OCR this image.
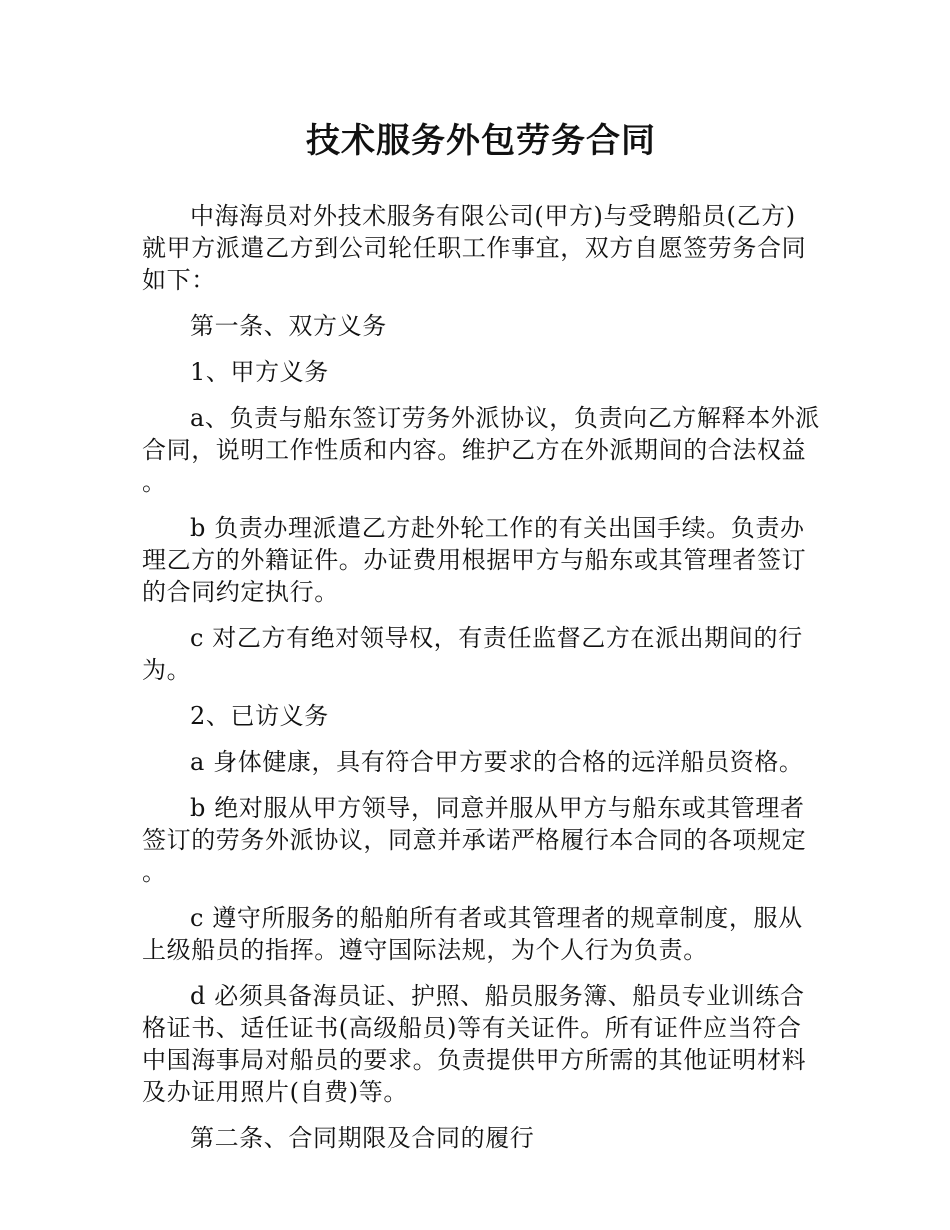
技术服务外包劳务合同

中海海员对外技术服务有限公司(甲方)与受聘船员(乙方)就甲方派遣乙方到公司轮任职工作事宜，双方自愿签劳务合同如下：

第一条、双方义务

1、甲方义务

a、负责与船东签订劳务外派协议，负责向乙方解释本外派合同，说明工作性质和内容。维护乙方在外派期间的合法权益。

b 负责办理派遣乙方赴外轮工作的有关出国手续。负责办理乙方的外籍证件。办证费用根据甲方与船东或其管理者签订的合同约定执行。

c 对乙方有绝对领导权，有责任监督乙方在派出期间的行为。

2、已访义务

a 身体健康，具有符合甲方要求的合格的远洋船员资格。

b 绝对服从甲方领导，同意并服从甲方与船东或其管理者签订的劳务外派协议，同意并承诺严格履行本合同的各项规定。

c 遵守所服务的船舶所有者或其管理者的规章制度，服从上级船员的指挥。遵守国际法规，为个人行为负责。

d 必须具备海员证、护照、船员服务簿、船员专业训练合格证书、适任证书(高级船员)等有关证件。所有证件应当符合中国海事局对船员的要求。负责提供甲方所需的其他证明材料及办证用照片(自费)等。

第二条、合同期限及合同的履行
